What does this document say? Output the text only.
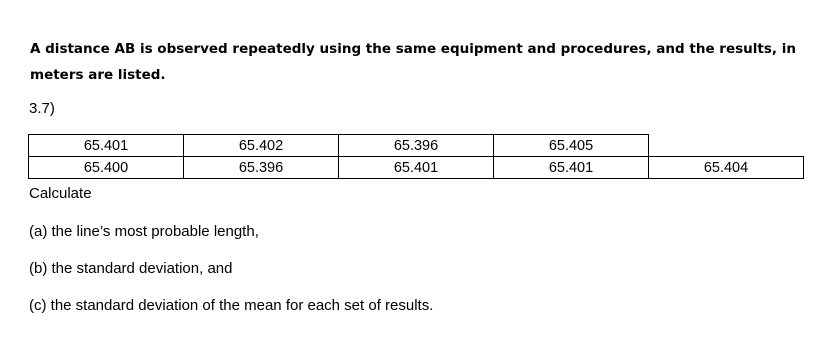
A distance AB is observed repeatedly using the same equipment and procedures, and the results, in
meters are listed.
3.7)
65.401	65.402	65.396	65.405	
65.400	65.396	65.401	65.401	65.404
Calculate
(a) the line’s most probable length,
(b) the standard deviation, and
(c) the standard deviation of the mean for each set of results.
